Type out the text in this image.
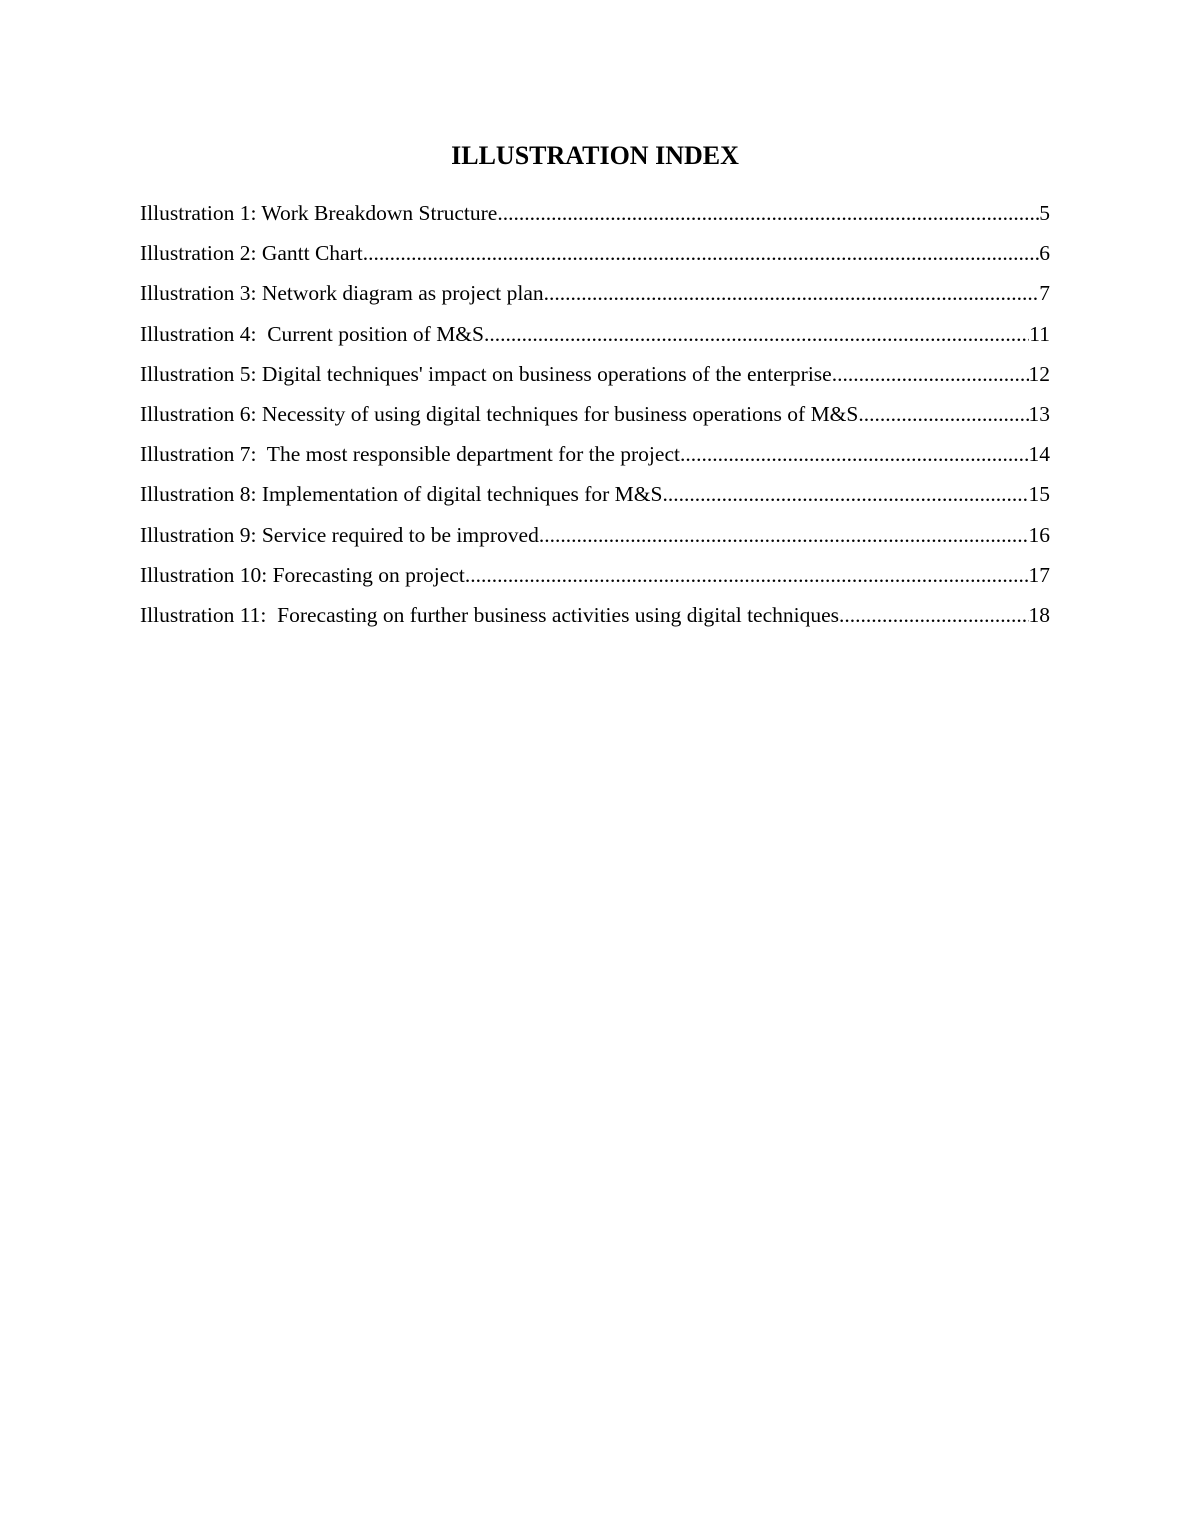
ILLUSTRATION INDEX
Illustration 1: Work Breakdown Structure .....	5
Illustration 2: Gantt Chart .....	6
Illustration 3: Network diagram as project plan .....	7
Illustration 4:  Current position of M&S .....	11
Illustration 5: Digital techniques' impact on business operations of the enterprise .....	12
Illustration 6: Necessity of using digital techniques for business operations of M&S .....	13
Illustration 7:  The most responsible department for the project .....	14
Illustration 8: Implementation of digital techniques for M&S .....	15
Illustration 9: Service required to be improved .....	16
Illustration 10: Forecasting on project .....	17
Illustration 11:  Forecasting on further business activities using digital techniques .....	18
